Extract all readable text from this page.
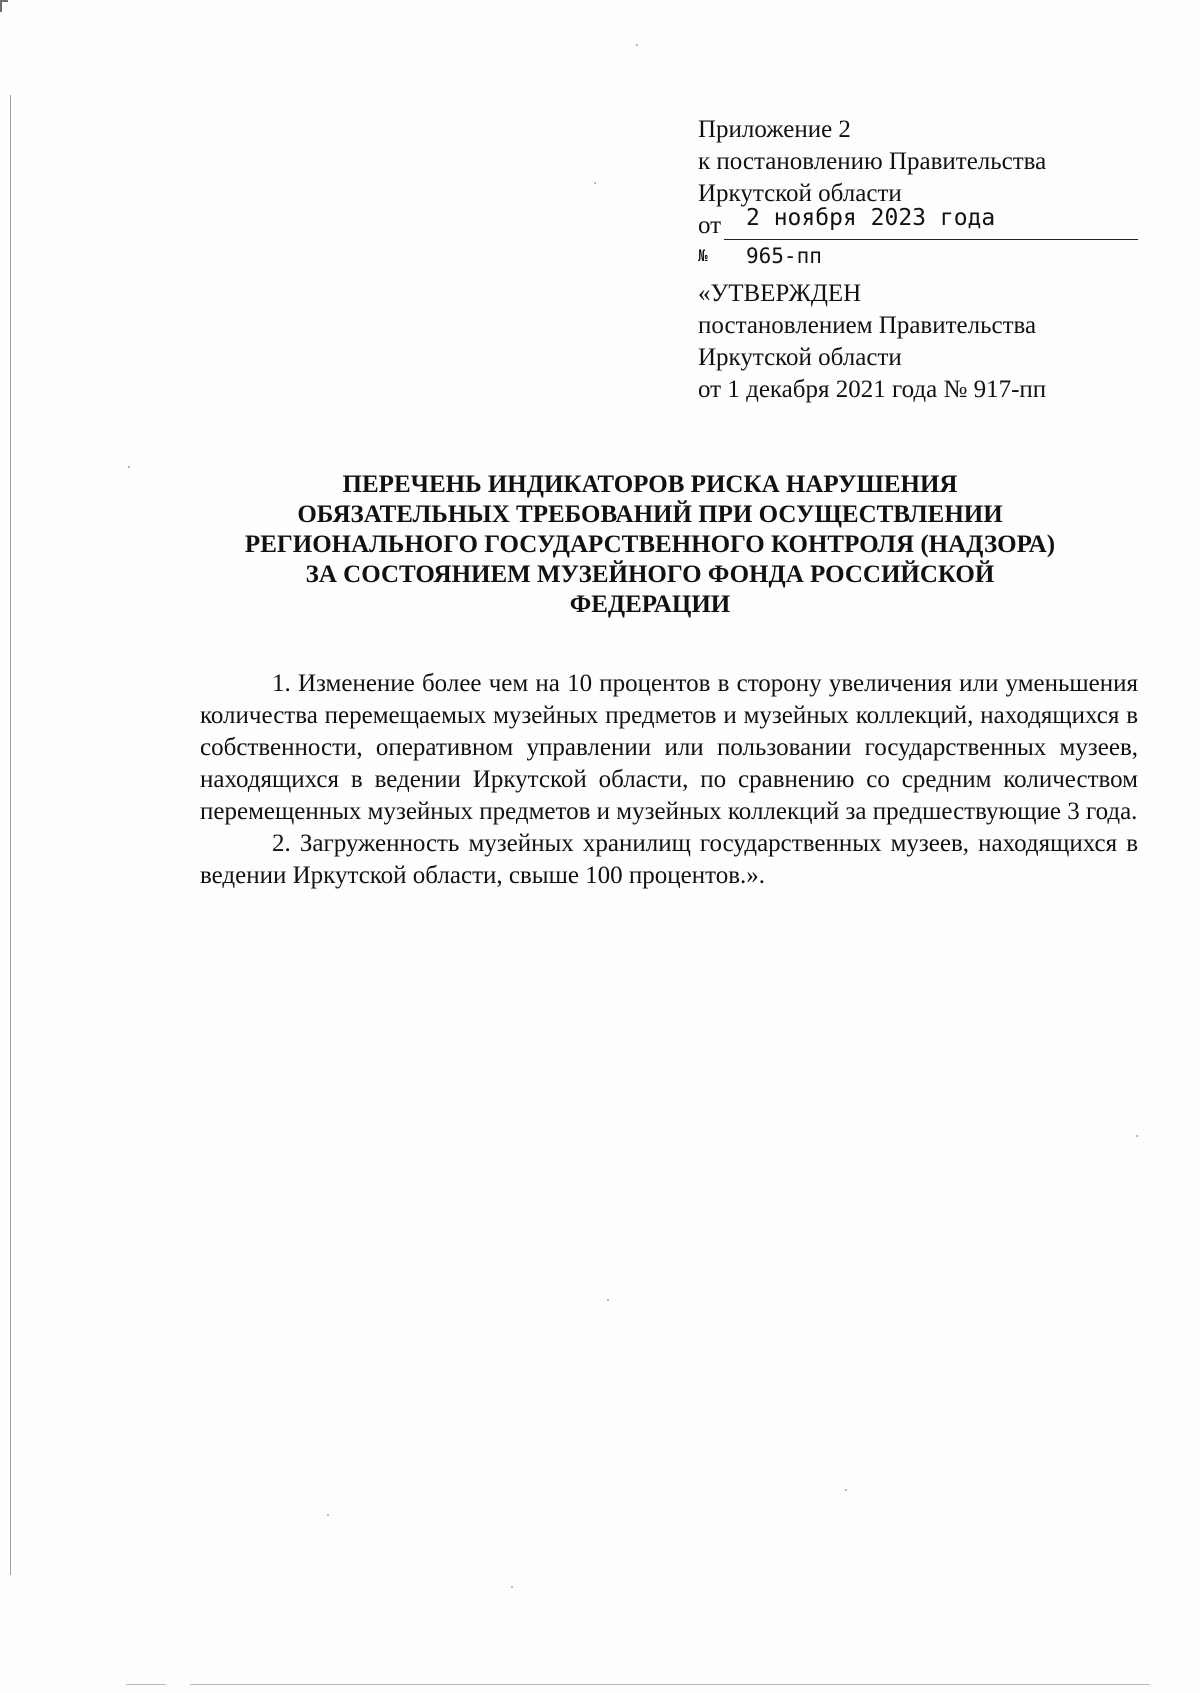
Приложение 2
к постановлению Правительства
Иркутской области
от	2 ноября 2023 года
№	965-пп
«УТВЕРЖДЕН
постановлением Правительства
Иркутской области
от 1 декабря 2021 года № 917-пп
ПЕРЕЧЕНЬ ИНДИКАТОРОВ РИСКА НАРУШЕНИЯ
ОБЯЗАТЕЛЬНЫХ ТРЕБОВАНИЙ ПРИ ОСУЩЕСТВЛЕНИИ
РЕГИОНАЛЬНОГО ГОСУДАРСТВЕННОГО КОНТРОЛЯ (НАДЗОРА)
ЗА СОСТОЯНИЕМ МУЗЕЙНОГО ФОНДА РОССИЙСКОЙ
ФЕДЕРАЦИИ

1. Изменение более чем на 10 процентов в сторону увеличения или уменьшения количества перемещаемых музейных предметов и музейных коллекций, находящихся в собственности, оперативном управлении или пользовании государственных музеев, находящихся в ведении Иркутской области, по сравнению со средним количеством перемещенных музейных предметов и музейных коллекций за предшествующие 3 года.

2. Загруженность музейных хранилищ государственных музеев, находящихся в ведении Иркутской области, свыше 100 процентов.».
